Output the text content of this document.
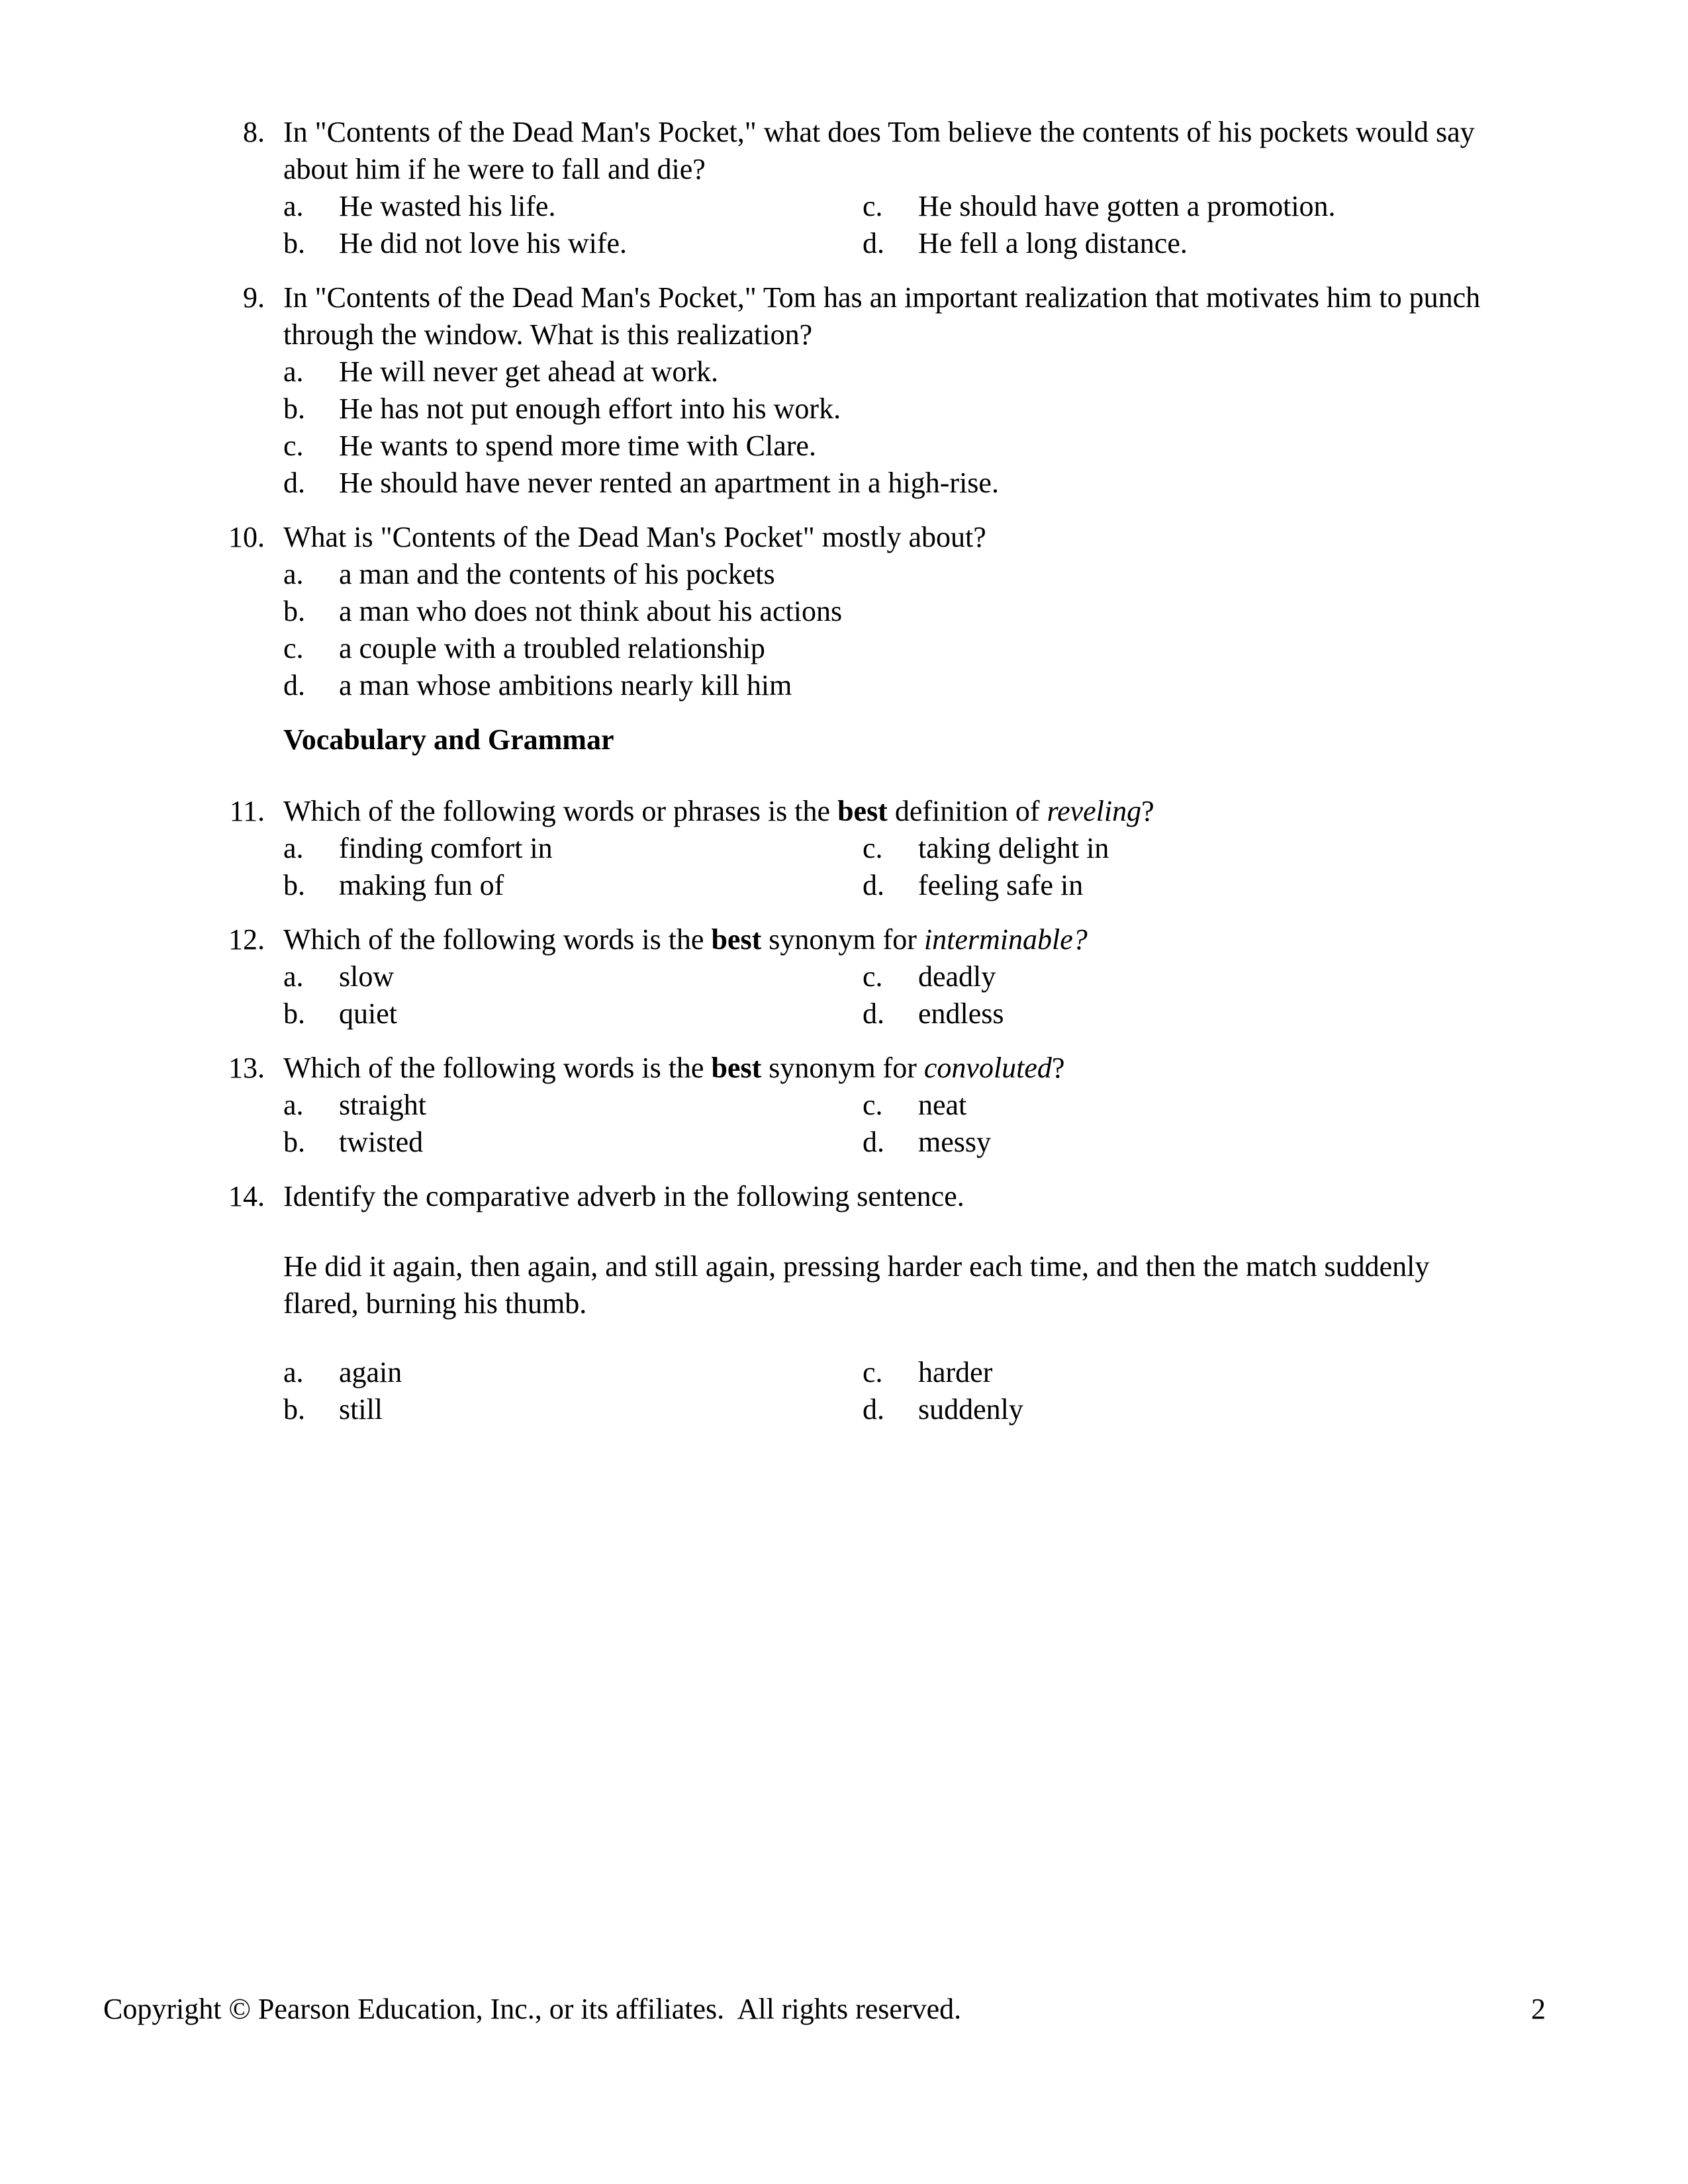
8. In "Contents of the Dead Man's Pocket," what does Tom believe the contents of his pockets would say about him if he were to fall and die?
a.	He wasted his life.	c.	He should have gotten a promotion.
b.	He did not love his wife.	d.	He fell a long distance.
9. In "Contents of the Dead Man's Pocket," Tom has an important realization that motivates him to punch through the window. What is this realization?
a.	He will never get ahead at work.
b.	He has not put enough effort into his work.
c.	He wants to spend more time with Clare.
d.	He should have never rented an apartment in a high-rise.
10. What is "Contents of the Dead Man's Pocket" mostly about?
a.	a man and the contents of his pockets
b.	a man who does not think about his actions
c.	a couple with a troubled relationship
d.	a man whose ambitions nearly kill him
Vocabulary and Grammar
11. Which of the following words or phrases is the best definition of reveling?
a.	finding comfort in	c.	taking delight in
b.	making fun of	d.	feeling safe in
12. Which of the following words is the best synonym for interminable?
a.	slow	c.	deadly
b.	quiet	d.	endless
13. Which of the following words is the best synonym for convoluted?
a.	straight	c.	neat
b.	twisted	d.	messy
14. Identify the comparative adverb in the following sentence.
He did it again, then again, and still again, pressing harder each time, and then the match suddenly flared, burning his thumb.
a.	again	c.	harder
b.	still	d.	suddenly
Copyright © Pearson Education, Inc., or its affiliates.  All rights reserved.	2
